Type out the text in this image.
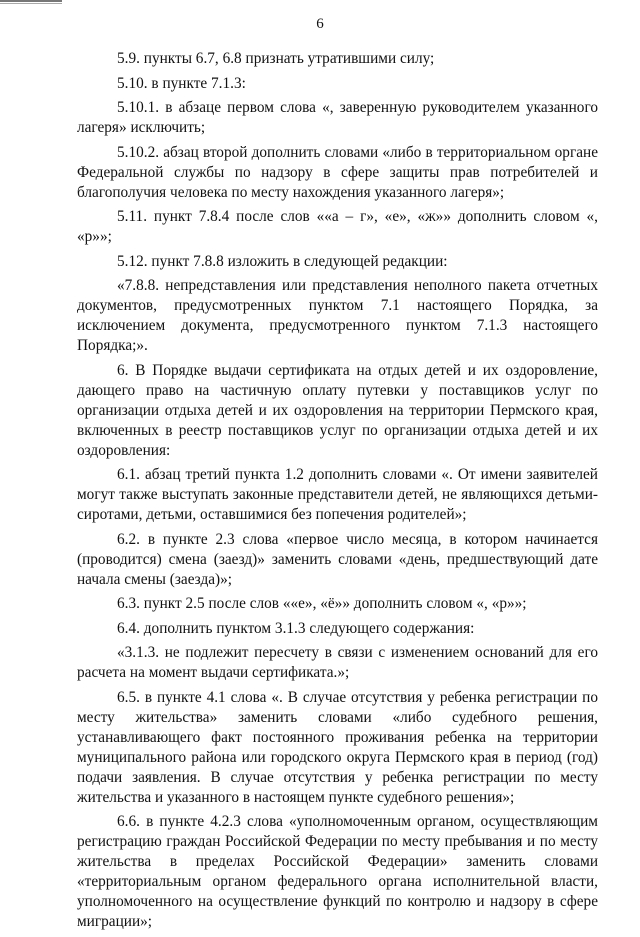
6

5.9. пункты 6.7, 6.8 признать утратившими силу;

5.10. в пункте 7.1.3:

5.10.1. в абзаце первом слова «, заверенную руководителем указанного лагеря» исключить;

5.10.2. абзац второй дополнить словами «либо в территориальном органе Федеральной службы по надзору в сфере защиты прав потребителей и благополучия человека по месту нахождения указанного лагеря»;

5.11. пункт 7.8.4 после слов ««а – г», «е», «ж»» дополнить словом «, «р»»;

5.12. пункт 7.8.8 изложить в следующей редакции:

«7.8.8. непредставления или представления неполного пакета отчетных документов, предусмотренных пунктом 7.1 настоящего Порядка, за исключением документа, предусмотренного пунктом 7.1.3 настоящего Порядка;».

6. В Порядке выдачи сертификата на отдых детей и их оздоровление, дающего право на частичную оплату путевки у поставщиков услуг по организации отдыха детей и их оздоровления на территории Пермского края, включенных в реестр поставщиков услуг по организации отдыха детей и их оздоровления:

6.1. абзац третий пункта 1.2 дополнить словами «. От имени заявителей могут также выступать законные представители детей, не являющихся детьми-сиротами, детьми, оставшимися без попечения родителей»;

6.2. в пункте 2.3 слова «первое число месяца, в котором начинается (проводится) смена (заезд)» заменить словами «день, предшествующий дате начала смены (заезда)»;

6.3. пункт 2.5 после слов ««е», «ё»» дополнить словом «, «р»»;

6.4. дополнить пунктом 3.1.3 следующего содержания:

«3.1.3. не подлежит пересчету в связи с изменением оснований для его расчета на момент выдачи сертификата.»;

6.5. в пункте 4.1 слова «. В случае отсутствия у ребенка регистрации по месту жительства» заменить словами «либо судебного решения, устанавливающего факт постоянного проживания ребенка на территории муниципального района или городского округа Пермского края в период (год) подачи заявления. В случае отсутствия у ребенка регистрации по месту жительства и указанного в настоящем пункте судебного решения»;

6.6. в пункте 4.2.3 слова «уполномоченным органом, осуществляющим регистрацию граждан Российской Федерации по месту пребывания и по месту жительства в пределах Российской Федерации» заменить словами «территориальным органом федерального органа исполнительной власти, уполномоченного на осуществление функций по контролю и надзору в сфере миграции»;
